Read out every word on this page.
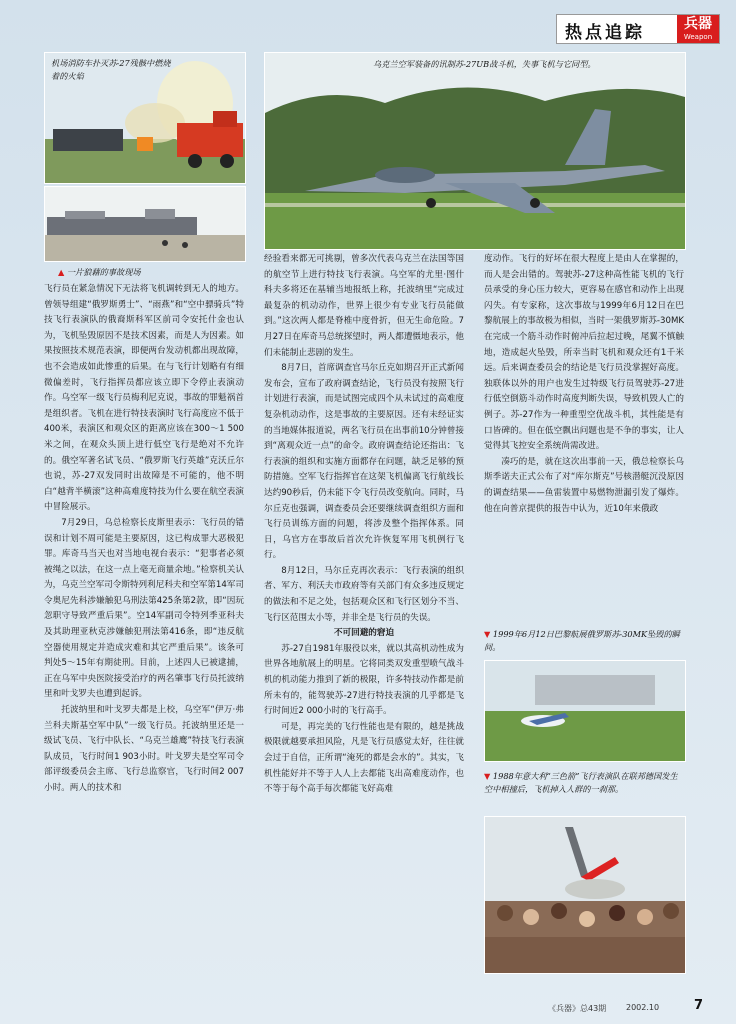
热点追踪	兵器
Weapon
机场消防车扑灭苏-27残骸中燃烧着的火焰
乌克兰空军装备的讯制苏-27UB战斗机，失事飞机与它同型。
▲ 一片狼藉的事故现场

飞行员在紧急情况下无法将飞机调转到无人的地方。曾领导组建“俄罗斯勇士”、“雨燕”和“空中骠骑兵”特技飞行表演队的俄裔斯科军区前司令安托什金也认为，飞机坠毁原因不是技术因素，而是人为因素。如果按照技术规范表演，即便两台发动机都出现故障，也不会造成如此惨重的后果。在与飞行计划略有有细微偏差时，飞行指挥员都应该立即下令停止表演动作。乌空军一级飞行员梅利尼克说，事故的罪魁祸首是组织者。飞机在进行特技表演时飞行高度应不低于400米，表演区和观众区的距离应该在300～1 500米之间，在观众头顶上进行低空飞行是绝对不允许的。俄空军著名试飞员、“俄罗斯飞行英雄”克沃丘尔也说，苏-27双发同时出故障是不可能的，他不明白“越背半横滚”这种高难度特技为什么要在航空表演中冒险展示。

7月29日，乌总检察长皮斯里表示：飞行员的错误和计划不周可能是主要原因，这已构成罪大恶极犯罪。库奇马当天也对当地电视台表示：“犯事者必须被绳之以法，在这一点上毫无商量余地。”检察机关认为，乌克兰空军司令斯特列利尼科夫和空军第14军司令奥尼先科涉嫌触犯乌刑法第425条第2款，即“因玩忽职守导致严重后果”。空14军副司令特列季亚科夫及其助理亚秋克涉嫌触犯刑法第416条，即“违反航空器使用规定并造成灾难和其它严重后果”。该条可判处5～15年有期徒刑。目前，上述四人已被逮捕，正在乌军中央医院接受治疗的两名肇事飞行员托波纳里和叶戈罗夫也遭到起诉。

托波纳里和叶戈罗夫都是上校，乌空军“伊万·弗兰科夫斯基空军中队”一级飞行员。托波纳里还是一级试飞员、飞行中队长、“乌克兰雄鹰”特技飞行表演队成员，飞行时间1 903小时。叶戈罗夫是空军司令部评级委员会主席、飞行总监察官，飞行时间2 007小时。两人的技术和

经验看来都无可挑剔，曾多次代表乌克兰在法国等国的航空节上进行特技飞行表演。乌空军的尤里·图什科夫多将还在基辅当地报纸上称，托波纳里“完成过最复杂的机动动作，世界上很少有专业飞行员能做到。”这次两人都是脊椎中度骨折，但无生命危险。7月27日在库奇马总统探望时，两人都遭慑地表示，他们未能制止悲剧的发生。

8月7日，首席调查官马尔丘克如期召开正式新闻发布会，宣布了政府调查结论，飞行员没有按照飞行计划进行表演，而是试图完成四个从未试过的高难度复杂机动动作，这是事故的主要原因。还有未经证实的当地媒体报道说，两名飞行员在出事前10分钟曾接到“离观众近一点”的命令。政府调查结论还指出：飞行表演的组织和实施方面都存在问题，缺乏足够的预防措施。空军飞行指挥官在这架飞机偏离飞行航线长达约90秒后，仍未能下令飞行员改变航向。同时，马尔丘克也强调，调查委员会还要继续调查组织方面和飞行员训练方面的问题，将涉及整个指挥体系。同日，乌官方在事故后首次允许恢复军用飞机例行飞行。

8月12日，马尔丘克再次表示：飞行表演的组织者、军方、利沃夫市政府等有关部门有众多违反规定的做法和不足之处，包括观众区和飞行区划分不当、飞行区范围太小等，并非全是飞行员的失误。

不可回避的窘迫

苏-27自1981年服役以来，就以其高机动性成为世界各地航展上的明星。它将同类双发重型喷气战斗机的机动能力推到了新的极限，许多特技动作都是前所未有的，能驾驶苏-27进行特技表演的几乎都是飞行时间近2 000小时的飞行高手。

可是，再完美的飞行性能也是有限的，越是挑战极限就越要承担风险，凡是飞行员感觉太好，往往就会过于自信，正所谓“淹死的都是会水的”。其实，飞机性能好并不等于人人上去都能飞出高难度动作，也不等于每个高手每次都能飞好高难

度动作。飞行的好坏在很大程度上是由人在掌握的，而人是会出错的。驾驶苏-27这种高性能飞机的飞行员承受的身心压力较大，更容易在感官和动作上出现闪失。有专家称，这次事故与1999年6月12日在巴黎航展上的事故极为相似，当时一架俄罗斯苏-30MK在完成一个筋斗动作时俯冲后拉起过晚，尾翼不慎触地，造成起火坠毁，所幸当时飞机和观众还有1千米远。后来调查委员会的结论是飞行员没掌握好高度。独联体以外的用户也发生过特级飞行员驾驶苏-27进行低空倒筋斗动作时高度判断失误，导致机毁人亡的例子。苏-27作为一种重型空优战斗机，其性能是有口皆碑的。但在低空飘出问题也是不争的事实，让人觉得其飞控安全系统尚需改进。

凑巧的是，就在这次出事前一天，俄总检察长乌斯季诺夫正式公布了对“库尔斯克”号核潜艇沉没原因的调查结果——鱼雷装置中易燃物泄漏引发了爆炸。他在向普京提供的报告中认为，近10年来俄政

▼ 1999年6月12日巴黎航展俄罗斯苏-30MK坠毁的瞬间。
▼ 1988年意大利“三色箭”飞行表演队在联邦德国发生空中相撞后，飞机掉入人群的一刹那。
《兵器》总43期 2002.10	7
